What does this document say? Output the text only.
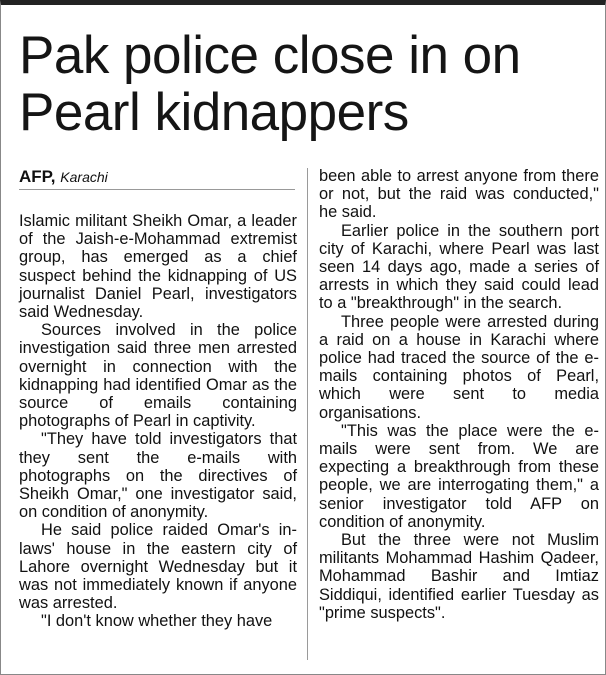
Pak police close in on Pearl kidnappers
AFP, Karachi

Islamic militant Sheikh Omar, a leader of the Jaish-e-Mohammad extremist group, has emerged as a chief suspect behind the kidnapping of US journalist Daniel Pearl, investigators said Wednesday.

Sources involved in the police investigation said three men arrested overnight in connection with the kidnapping had identified Omar as the source of emails containing photographs of Pearl in captivity.

"They have told investigators that they sent the e-mails with photographs on the directives of Sheikh Omar," one investigator said, on condition of anonymity.

He said police raided Omar's in-laws' house in the eastern city of Lahore overnight Wednesday but it was not immediately known if anyone was arrested.

"I don't know whether they have

been able to arrest anyone from there or not, but the raid was conducted," he said.

Earlier police in the southern port city of Karachi, where Pearl was last seen 14 days ago, made a series of arrests in which they said could lead to a "breakthrough" in the search.

Three people were arrested during a raid on a house in Karachi where police had traced the source of the e-mails containing photos of Pearl, which were sent to media organisations.

"This was the place were the e-mails were sent from. We are expecting a breakthrough from these people, we are interrogating them," a senior investigator told AFP on condition of anonymity.

But the three were not Muslim militants Mohammad Hashim Qadeer, Mohammad Bashir and Imtiaz Siddiqui, identified earlier Tuesday as "prime suspects".
